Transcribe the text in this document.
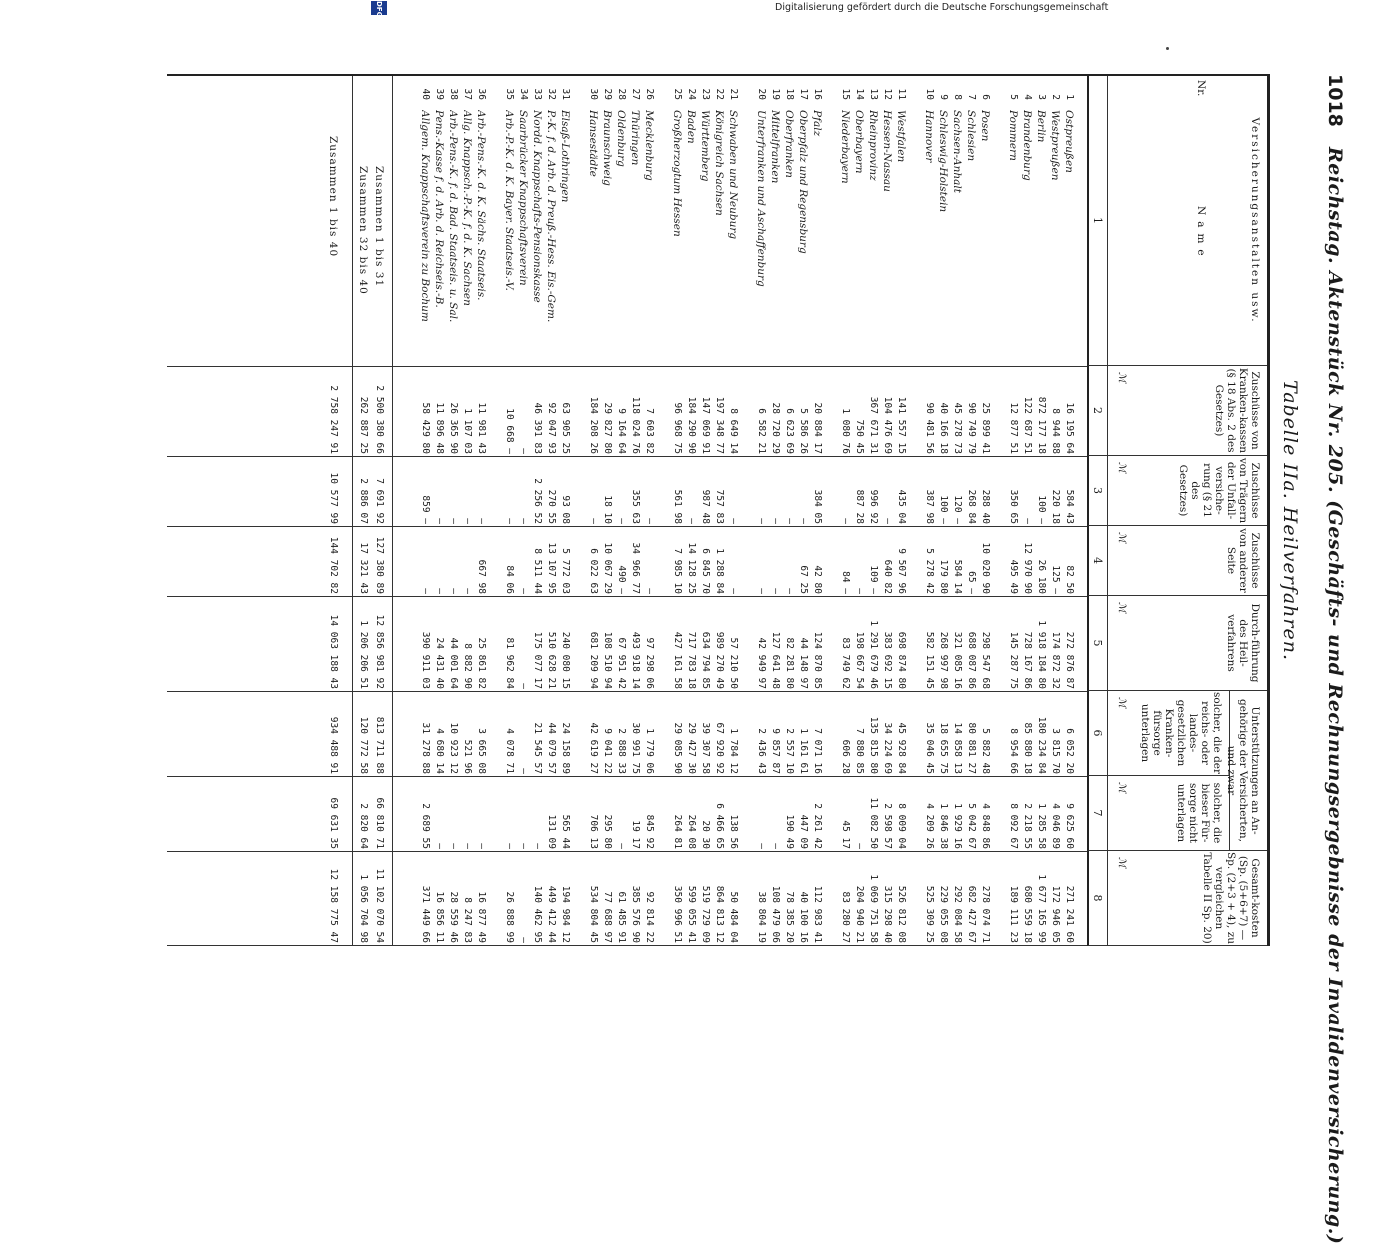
1018 Reichstag. Aktenstück Nr. 205. (Geschäfts- und Rechnungsergebnisse der Invalidenversicherung.)
Tabelle IIa. Heilverfahren.
Versicherungsanstalten usw.
Nr.
Name
Zuschüsse von Kranken-kassen (§ 18 Abs. 2 des Gesetzes)
Zuschüsse von Trägern der Unfall-versiche-rung (§ 21 des Gesetzes)
Zuschüsse von anderer Seite
Durch-führung des Heil-verfahrens
Unterstützungen an An-gehörige der Versicherten, und zwar
solcher, die der reichs- oder landes-gesetzlichen Kranken-fürsorge unterlagen
solcher, die bieser Für-sorge nicht unterlagen
Gesamt-kosten (Sp. (5+6+7) — Sp. (2+3 + 4), zu vergleichen Tabelle II Sp. 20)
1
2
3
4
5
6
7
8
ℳ
ℳ
ℳ
ℳ
ℳ
ℳ
ℳ
1
Ostpreußen
16 195 64
584 43
82 50
272 876 87
6 052 20
9 625 60
271 241 60
2
Westpreußen
8 944 88
220 18
125 —
174 872 32
3 815 70
4 046 89
172 946 05
3
Berlin
872 177 18
100 —
26 180
1 918 184 80
180 234 84
1 285 58
1 677 165 99
4
Brandenburg
122 687 51
—
12 970 90
728 167 86
85 880 18
2 218 55
680 559 18
5
Pommern
12 877 51
350 65
495 49
145 287 75
8 954 66
8 092 67
189 111 23
6
Posen
25 899 41
288 40
10 020 90
298 547 68
5 882 48
4 848 86
278 074 71
7
Schlesien
90 749 79
268 84
65 —
688 087 86
80 881 27
5 042 67
682 427 67
8
Sachsen-Anhalt
45 278 73
120 —
584 14
321 085 16
14 858 13
1 929 16
292 084 58
9
Schleswig-Holstein
40 166 18
100 —
179 80
268 997 98
18 655 75
1 846 38
229 055 08
10
Hannover
90 481 56
387 98
5 278 42
582 151 45
35 046 45
4 209 26
525 309 25
11
Westfalen
141 557 15
435 04
9 507 96
698 874 80
45 928 84
8 009 04
526 812 08
12
Hessen-Nassau
104 476 69
—
640 82
383 692 15
34 224 69
2 598 57
315 298 40
13
Rheinprovinz
367 671 31
996 92
109 —
1 291 679 46
135 815 80
11 082 50
1 069 751 58
14
Oberbayern
750 45
887 28
—
198 667 54
7 880 85
—
204 940 21
15
Niederbayern
1 080 76
—
84 —
83 749 62
606 28
45 17
83 280 27
16
Pfalz
20 884 17
384 05
42 80
124 870 85
7 071 16
2 261 42
112 983 41
17
Oberpfalz und Regensburg
5 586 26
—
67 25
44 148 97
1 161 61
447 09
40 100 16
18
Oberfranken
6 623 69
—
—
82 281 80
2 557 10
190 49
78 385 20
19
Mittelfranken
28 720 29
—
—
127 641 48
9 857 87
—
108 479 06
20
Unterfranken und Aschaffenburg
6 582 21
—
—
42 949 97
2 436 43
—
38 804 19
21
Schwaben und Neuburg
8 649 14
—
—
57 210 50
1 784 12
138 56
50 484 04
22
Königreich Sachsen
197 348 77
757 83
1 288 84
989 270 49
67 920 92
6 466 65
864 813 12
23
Württemberg
147 069 91
987 48
6 845 70
634 794 85
39 307 58
20 30
519 729 09
24
Baden
184 290 90
—
14 128 25
717 783 18
29 427 30
264 08
599 055 41
25
Großherzogtum Hessen
96 968 75
561 98
7 985 10
427 161 58
29 085 90
264 81
350 996 51
26
Mecklenburg
7 603 82
—
—
97 298 06
1 779 06
845 92
92 814 22
27
Thüringen
118 024 76
355 63
34 966 77
493 918 14
30 991 75
19 17
385 576 90
28
Oldenburg
9 164 64
—
490 —
67 951 42
2 888 33
—
61 485 91
29
Braunschweig
29 827 80
18 10
10 067 29
108 510 94
9 041 22
295 80
77 688 97
30
Hansestädte
184 208 26
—
6 022 63
681 209 94
42 619 27
706 13
534 804 45
31
Elsaß-Lothringen
63 905 25
93 08
5 772 03
240 080 15
24 158 89
565 44
194 984 12
32
P.-K. f. d. Arb. d. Preuß.-Hess. Eis.-Gem.
92 047 93
270 55
13 107 95
510 628 21
44 079 57
131 09
449 412 44
33
Nordd. Knappschafts-Pensionskasse
46 391 83
2 256 52
8 511 44
175 077 17
21 545 57
—
140 462 95
34
Saarbrücker Knappschaftsverein
—
—
—
—
—
—
—
35
Arb.-P.-K. d. K. Bayer. Staatseis.-V.
10 668 —
—
84 06
81 962 84
4 078 71
—
26 888 99
36
Arb.-Pens.-K. d. K. Sächs. Staatseis.
11 981 43
—
667 98
25 861 82
3 665 08
—
16 877 49
37
Allg. Knappsch.-P.-K. f. d. K. Sachsen
1 107 03
—
—
8 882 90
521 96
—
8 247 83
38
Arb.-Pens.-K. f. d. Bad. Staatseis. u. Sal.
26 365 90
—
—
44 001 64
10 923 12
—
28 559 46
39
Pens.-Kasse f. d. Arb. d. Reichseis.-B.
11 896 48
—
—
24 431 40
4 680 14
—
16 856 11
40
Allgem. Knappschaftsverein zu Bochum
58 429 80
859 —
—
390 911 03
31 278 88
2 689 55
371 449 66
Zusammen 1 bis 31
2 500 380 66
7 691 92
127 380 89
12 856 981 92
813 711 88
66 810 71
11 102 070 54
Zusammen 32 bis 40
262 887 25
2 886 07
17 321 43
1 206 206 51
120 772 58
2 820 64
1 056 704 98
Zusammen 1 bis 40
2 758 247 91
10 577 99
144 702 82
14 063 188 43
934 488 91
69 631 35
12 158 775 47
Digitalisierung gefördert durch die Deutsche Forschungsgemeinschaft
DFG
